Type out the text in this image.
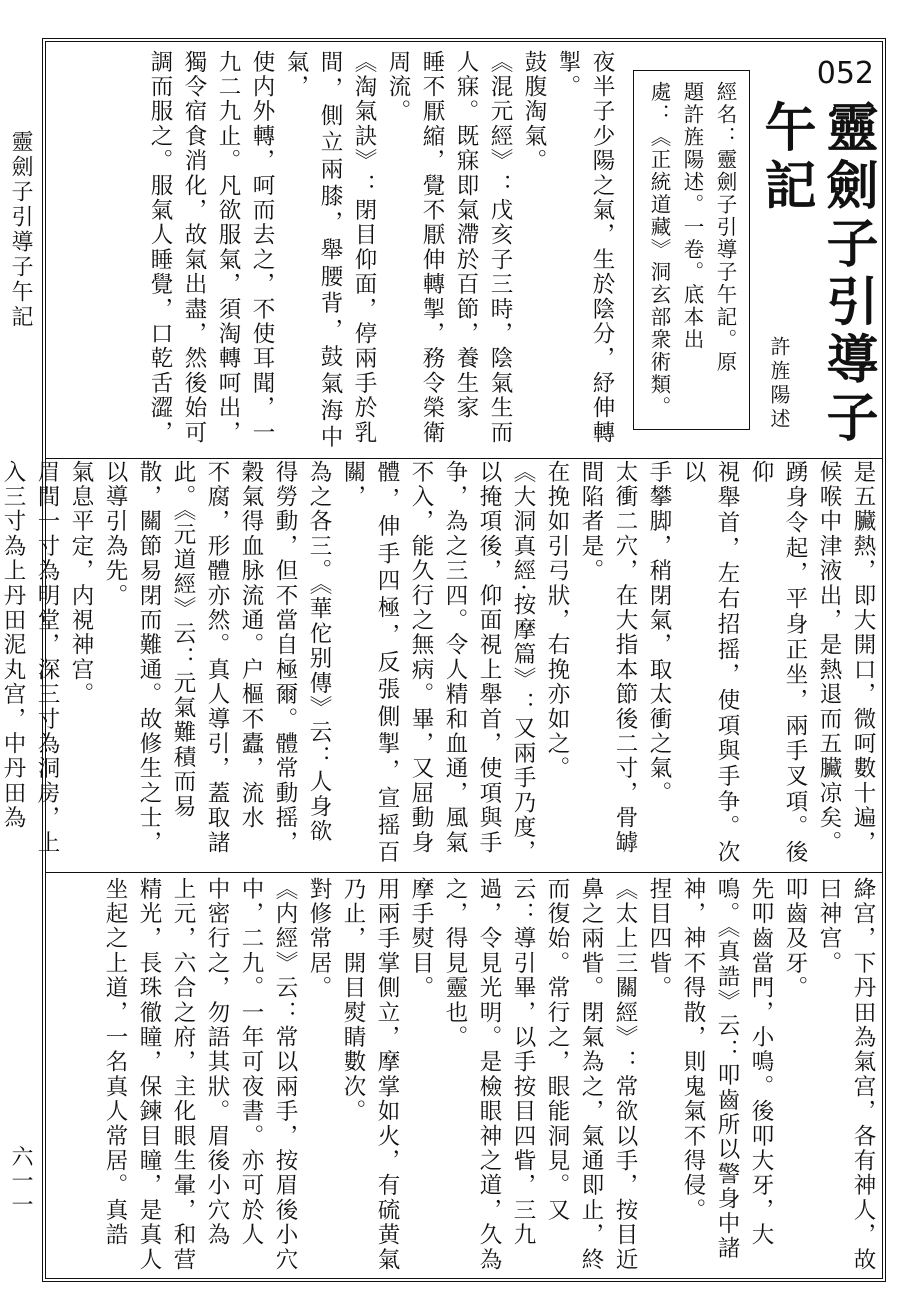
靈劍子引導子午記
六一一
052
靈劍子引導子午記
許旌陽述
經名：靈劍子引導子午記。原
題許旌陽述。一卷。底本出
處：《正統道藏》洞玄部衆術類。
夜半子少陽之氣，生於陰分，紓伸轉
掣。
鼓腹淘氣。
《混元經》：戊亥子三時，陰氣生而
人寐。既寐即氣滯於百節，養生家
睡不厭縮，覺不厭伸轉掣，務令榮衛
周流。
《淘氣訣》：閉目仰面，停兩手於乳
間，側立兩膝，舉腰背，鼓氣海中氣，
使内外轉，呵而去之，不使耳聞，一
九二九止。凡欲服氣，須淘轉呵出，
獨令宿食消化，故氣出盡，然後始可
調而服之。服氣人睡覺，口乾舌澀，
是五臟熱，即大開口，微呵數十遍，
候喉中津液出，是熱退而五臟凉矣。
踴身令起，平身正坐，兩手叉項。後仰
視舉首，左右招摇，使項與手争。次以
手攀脚，稍閉氣，取太衝之氣。
太衝二穴，在大指本節後二寸，骨罅
間陷者是。
在挽如引弓狀，右挽亦如之。
《大洞真經·按摩篇》：又兩手乃度，
以掩項後，仰面視上舉首，使項與手
争，為之三四。令人精和血通，風氣
不入，能久行之無病。畢，又屈動身
體，伸手四極，反張側掣，宣摇百關，
為之各三。《華佗别傳》云：人身欲
得勞動，但不當自極爾。體常動摇，
穀氣得血脉流通。户樞不蠹，流水
不腐，形體亦然。真人導引，蓋取諸
此。《元道經》云：元氣難積而易
散，關節易閉而難通。故修生之士，
以導引為先。
氣息平定，内視神宫。
眉間一寸為明堂，深三寸為洞房，上
入三寸為上丹田泥丸宫，中丹田為
絳宫，下丹田為氣宫，各有神人，故
曰神宫。
叩齒及牙。
先叩齒當門，小鳴。後叩大牙，大
鳴。《真誥》云：叩齒所以警身中諸
神，神不得散，則鬼氣不得侵。
捏目四眥。
《太上三關經》：常欲以手，按目近
鼻之兩眥。閉氣為之，氣通即止，終
而復始。常行之，眼能洞見。又
云：導引畢，以手按目四眥，三九
過，令見光明。是檢眼神之道，久為
之，得見靈也。
摩手熨目。
用兩手掌側立，摩掌如火，有硫黄氣
乃止，開目熨睛數次。
對修常居。
《内經》云：常以兩手，按眉後小穴
中，二九。一年可夜書。亦可於人
中密行之，勿語其狀。眉後小穴為
上元，六合之府，主化眼生暈，和营
精光，長珠徹瞳，保鍊目瞳，是真人
坐起之上道，一名真人常居。真誥
